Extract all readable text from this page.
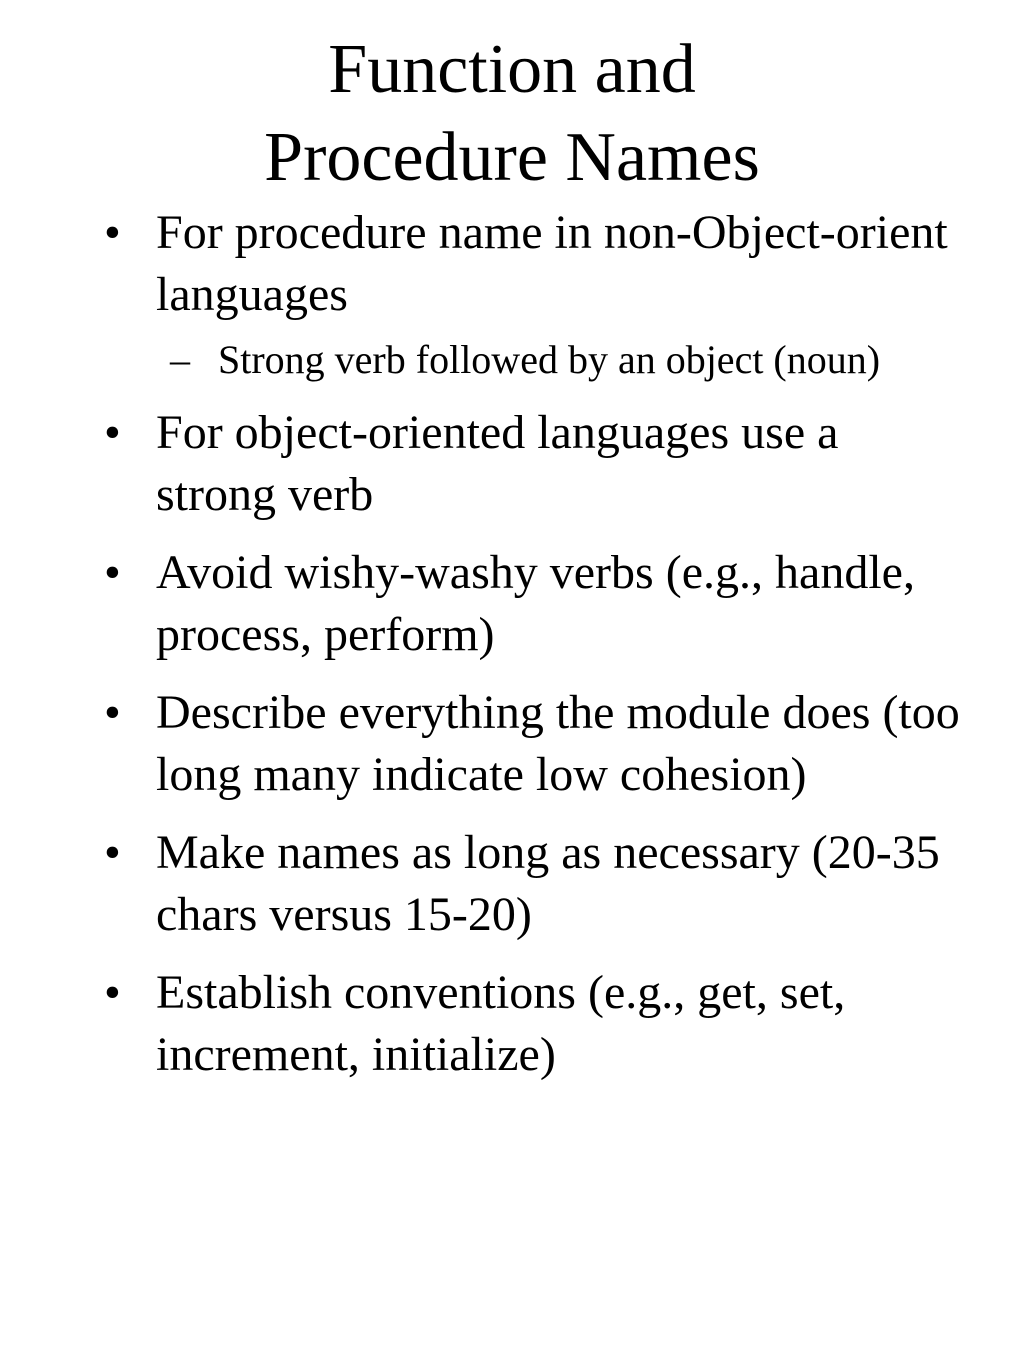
Function and
Procedure Names
• For procedure name in non-Object-orient languages
– Strong verb followed by an object (noun)
• For object-oriented languages use a strong verb
• Avoid wishy-washy verbs (e.g., handle, process, perform)
• Describe everything the module does (too long many indicate low cohesion)
• Make names as long as necessary (20-35 chars versus 15-20)
• Establish conventions (e.g., get, set, increment, initialize)
